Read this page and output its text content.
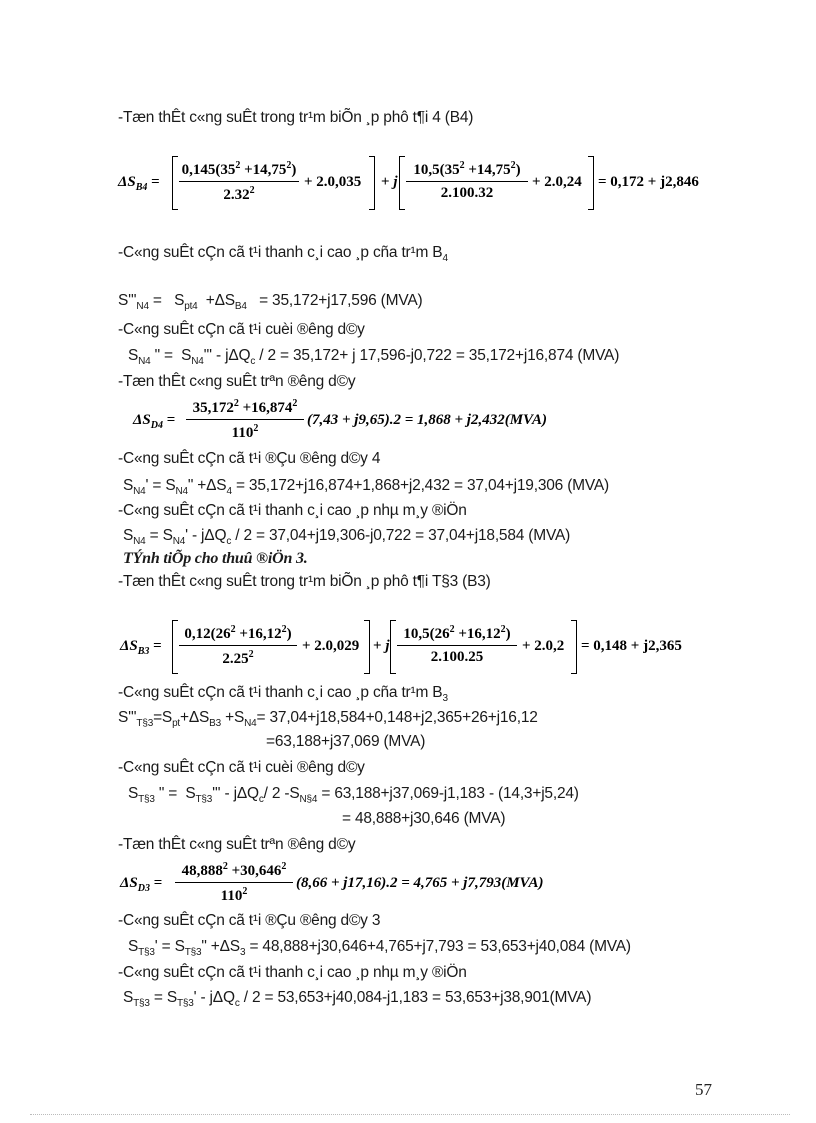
-Tæn thÊt c«ng suÊt trong tr¹m biÕn ¸p phô t¶i 4 (B4)
$\Delta S_{B4} = \frac{0,145(35^2 +14,75^2)}{2.32^2} + 2.0,035 + j \frac{10,5(35^2 +14,75^2)}{2.100.32} + 2.0,24 = 0,172 + j2,846$
-C«ng suÊt cÇn cã t¹i thanh c¸i cao ¸p cña tr¹m $B_4$
$S'''_{N4} = S_{pt4} +\Delta S_{B4} = 35,172+j17,596$ (MVA)
-C«ng suÊt cÇn cã t¹i cuèi ®êng d©y
$S_{N4}$ " =  $S_{N4}''' - j\Delta Q_c / 2 = 35,172+ j$ 17,596-j0,722 = 35,172+j16,874 (MVA)
-Tæn thÊt c«ng suÊt trªn ®êng d©y
$\Delta S_{D4} = \frac{35,172^2 +16,874^2}{110^2} (7,43 + j9,65).2 = 1,868 + j2,432(MVA)$
-C«ng suÊt cÇn cã t¹i ®Çu ®êng d©y 4
$S_{N4}' = S_{N4}$" $+\Delta S_4 = 35,172+j16,874+1,868+j2,432 = 37,04+j19,306$ (MVA)
-C«ng suÊt cÇn cã t¹i thanh c¸i cao ¸p nhµ m¸y ®iÖn
$S_{N4} = S_{N4}' - j\Delta Q_c / 2 = 37,04+j19,306-j0,722 = 37,04+j18,584$ (MVA)
TÝnh tiÕp cho thuû ®iÖn 3.
-Tæn thÊt c«ng suÊt trong tr¹m biÕn ¸p phô t¶i T§3 (B3)
$\Delta S_{B3} = \frac{0,12(26^2 +16,12^2)}{2.25^2} + 2.0,029 + j \frac{10,5(26^2 +16,12^2)}{2.100.25} + 2.0,2 = 0,148 + j2,365$
-C«ng suÊt cÇn cã t¹i thanh c¸i cao ¸p cña tr¹m $B_3$
$S'''_{T\S 3}=S_{pt}+\Delta S_{B3} +S_{N4}= 37,04+j18,584+0,148+j2,365+26+j16,12$
=63,188+j37,069 (MVA)
-C«ng suÊt cÇn cã t¹i cuèi ®êng d©y
$S_{T\S 3}$ " =  $S_{T\S 3}''' - j\Delta Q_c/$ 2 $-S_{N\S 4} = 63,188+j37,069-j1,183 - (14,3+j5,24)$
= 48,888+j30,646 (MVA)
-Tæn thÊt c«ng suÊt trªn ®êng d©y
$\Delta S_{D3} = \frac{48,888^2 +30,646^2}{110^2} (8,66 + j17,16).2 = 4,765 + j7,793(MVA)$
-C«ng suÊt cÇn cã t¹i ®Çu ®êng d©y 3
$S_{T\S 3}' = S_{T\S 3}$" $+\Delta S_3 = 48,888+j30,646+4,765+j7,793 = 53,653+j40,084$ (MVA)
-C«ng suÊt cÇn cã t¹i thanh c¸i cao ¸p nhµ m¸y ®iÖn
$S_{T\S 3} = S_{T\S 3}' - j\Delta Q_c / 2 = 53,653+j40,084-j1,183 = 53,653+j38,901(MVA)$
57
